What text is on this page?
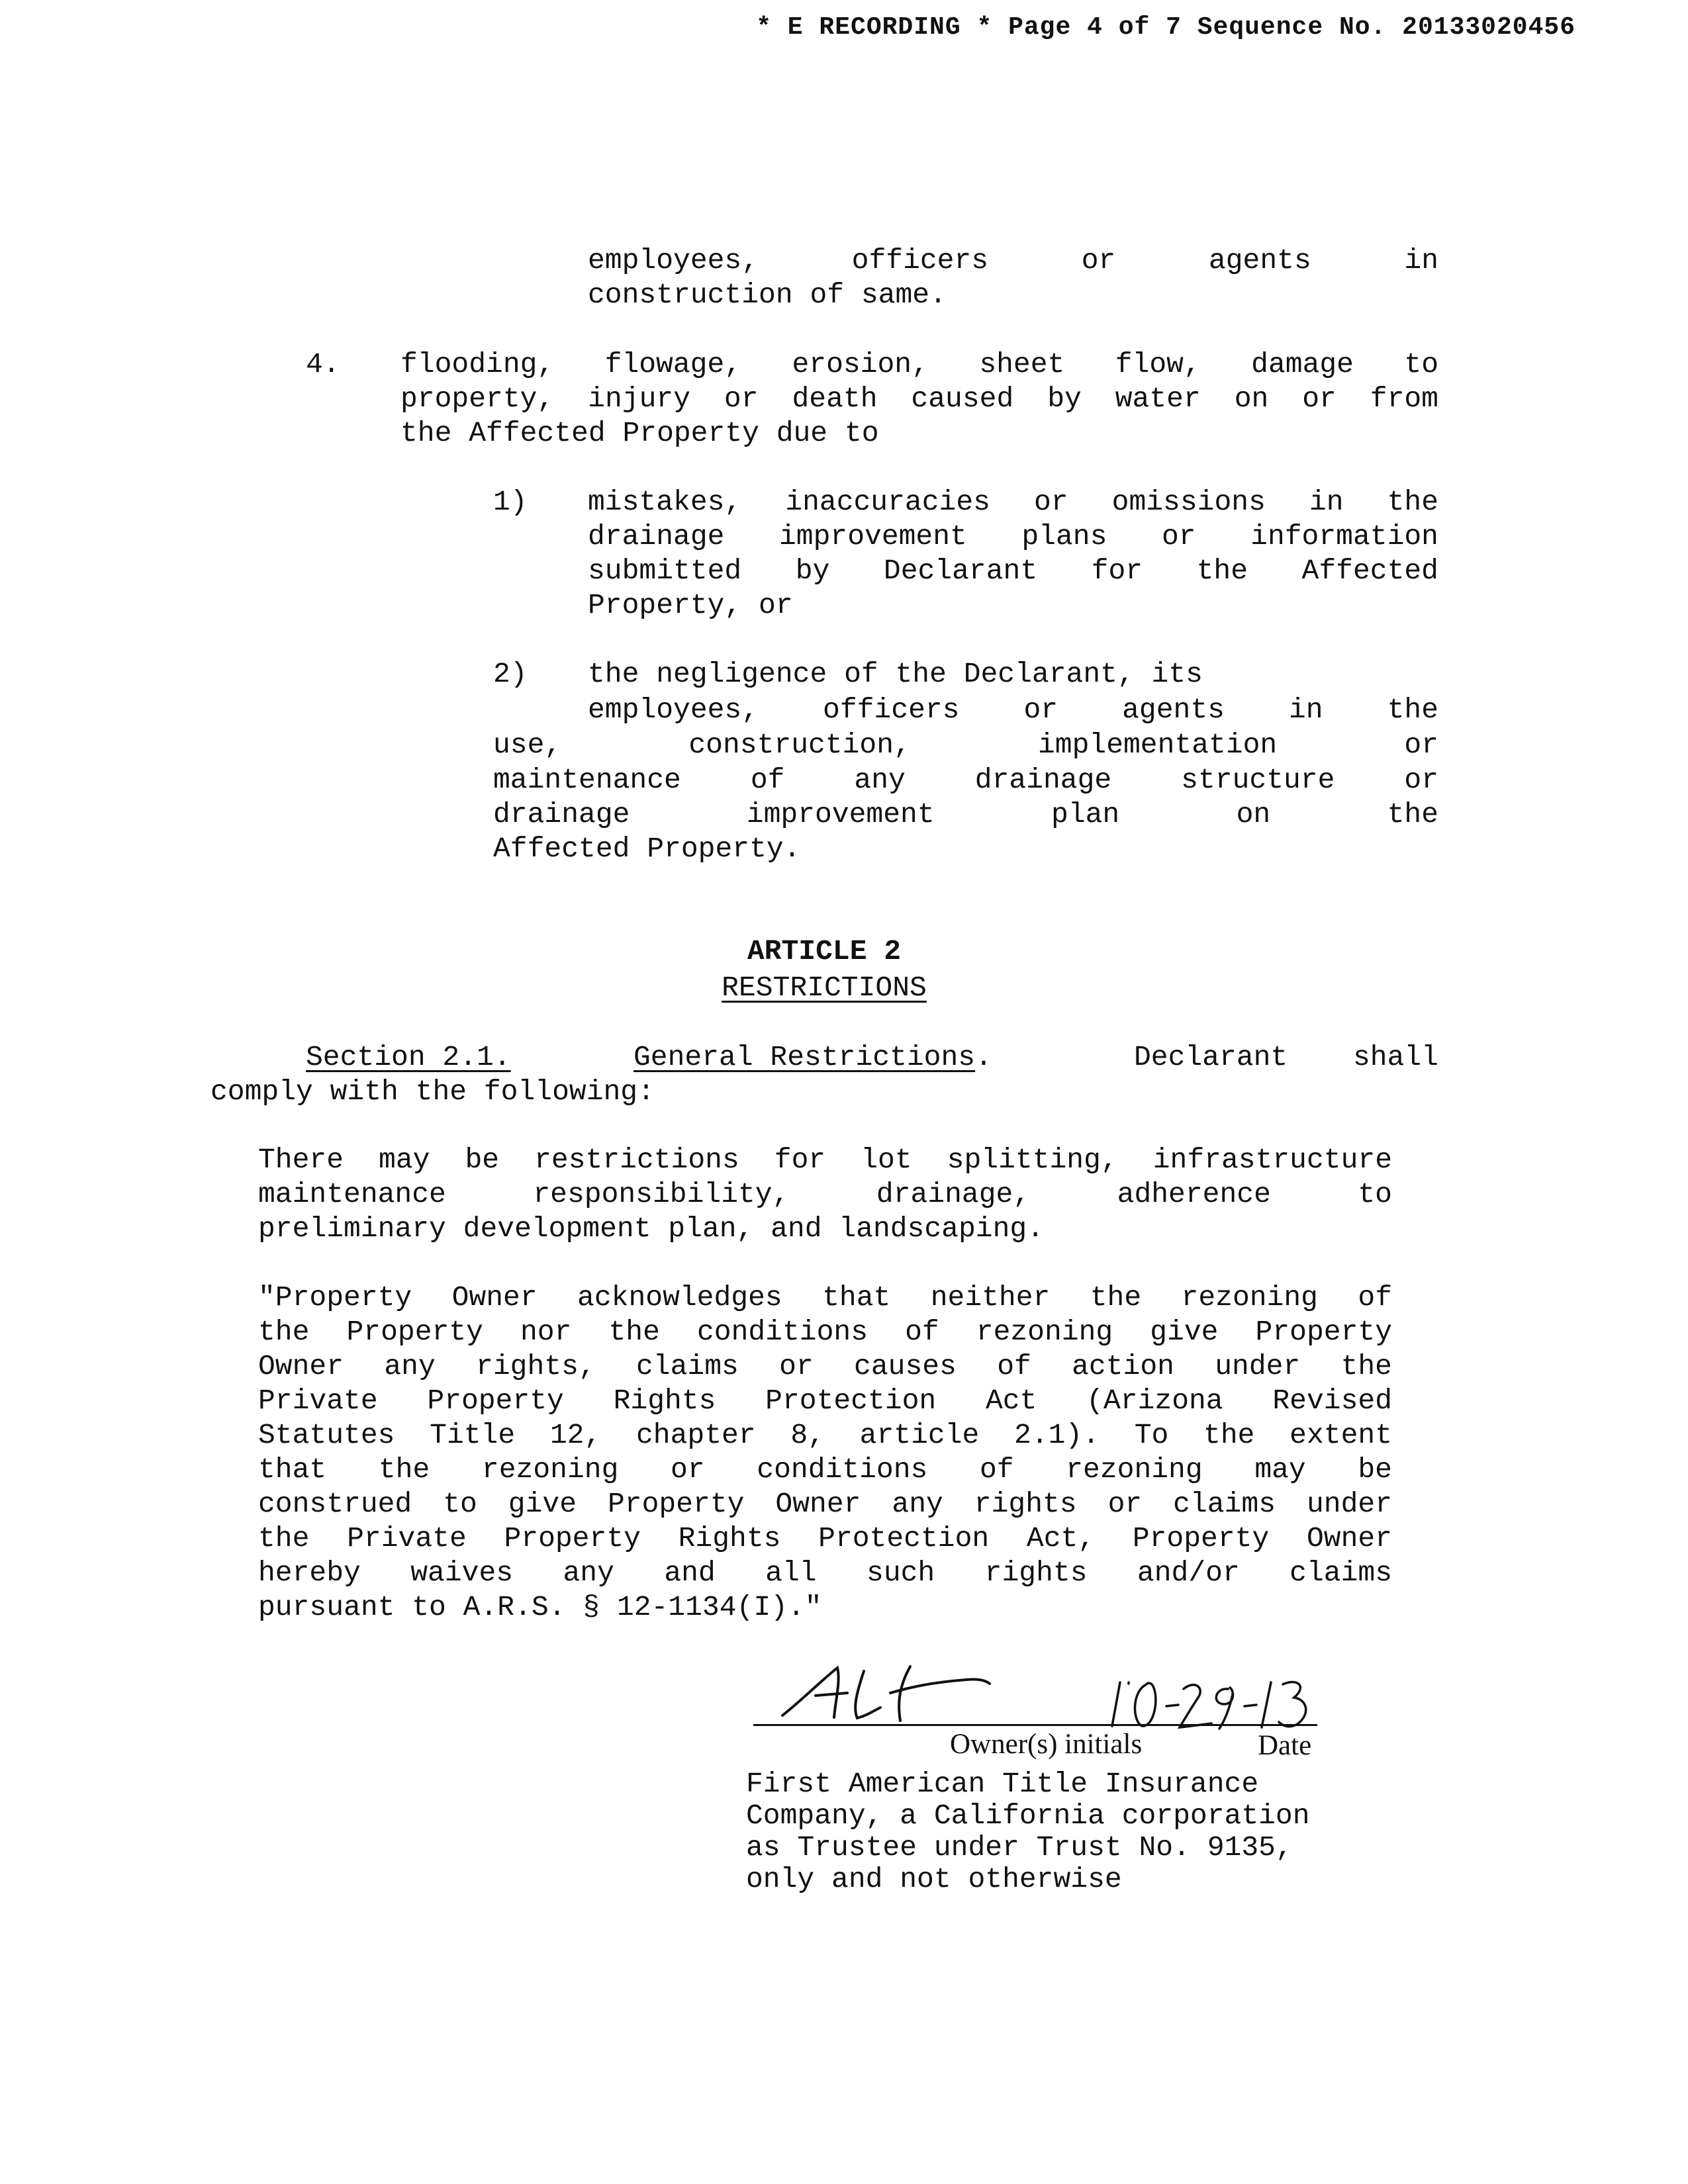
* E RECORDING * Page 4 of 7 Sequence No. 20133020456
employees, officers or agents in
construction of same.
4. flooding, flowage, erosion, sheet flow, damage to
property, injury or death caused by water on or from
the Affected Property due to
1) mistakes, inaccuracies or omissions in the
drainage improvement plans or information
submitted by Declarant for the Affected
Property, or
2) the negligence of the Declarant, its
employees, officers or agents in the
use, construction, implementation or
maintenance of any drainage structure or
drainage improvement plan on the
Affected Property.
ARTICLE 2
RESTRICTIONS
Section 2.1.	General Restrictions.	Declarant shall
comply with the following:
There may be restrictions for lot splitting, infrastructure
maintenance responsibility, drainage, adherence to
preliminary development plan, and landscaping.
"Property Owner acknowledges that neither the rezoning of
the Property nor the conditions of rezoning give Property
Owner any rights, claims or causes of action under the
Private Property Rights Protection Act (Arizona Revised
Statutes Title 12, chapter 8, article 2.1). To the extent
that the rezoning or conditions of rezoning may be
construed to give Property Owner any rights or claims under
the Private Property Rights Protection Act, Property Owner
hereby waives any and all such rights and/or claims
pursuant to A.R.S. § 12-1134(I)."
Owner(s) initials	Date
First American Title Insurance
Company, a California corporation
as Trustee under Trust No. 9135,
only and not otherwise
